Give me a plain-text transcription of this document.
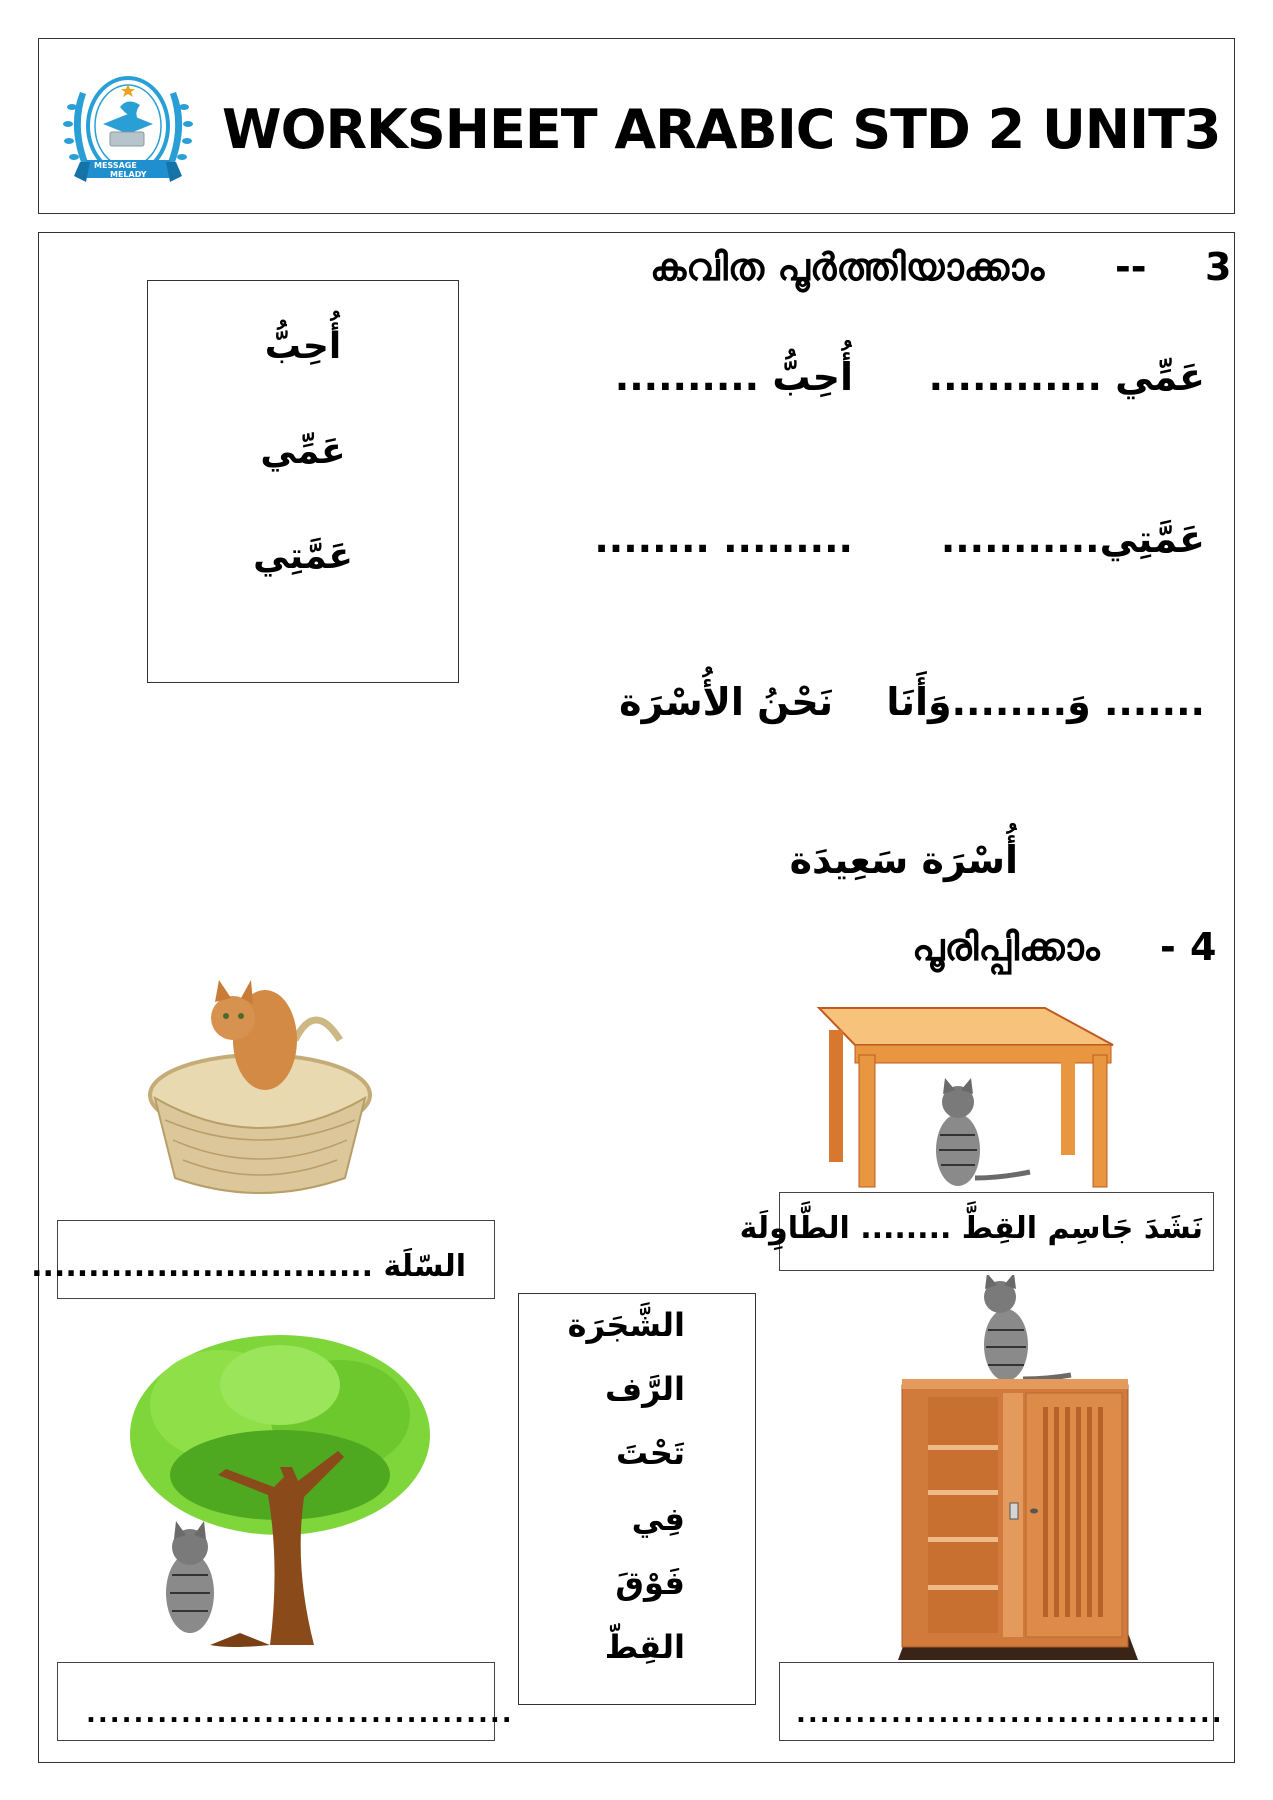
MESSAGE
MELADY
WORKSHEET ARABIC STD 2 UNIT3
കവിത പൂർത്തിയാക്കാം -- 3
أُحِبُّ
عَمِّي
عَمَّتِي
عَمِّي ............
أُحِبُّ ..........
عَمَّتِي...........
......... ........
....... وَ........وَأَنَا
نَحْنُ الأُسْرَة
أُسْرَة سَعِيدَة
പൂരിപ്പിക്കാം - 4
السّلَة ..............................
نَشَدَ جَاسِم القِطَّ ........ الطَّاوِلَة
الشَّجَرَة
الرَّف
تَحْتَ
فِي
فَوْقَ
القِطّ
....................................	....................................
